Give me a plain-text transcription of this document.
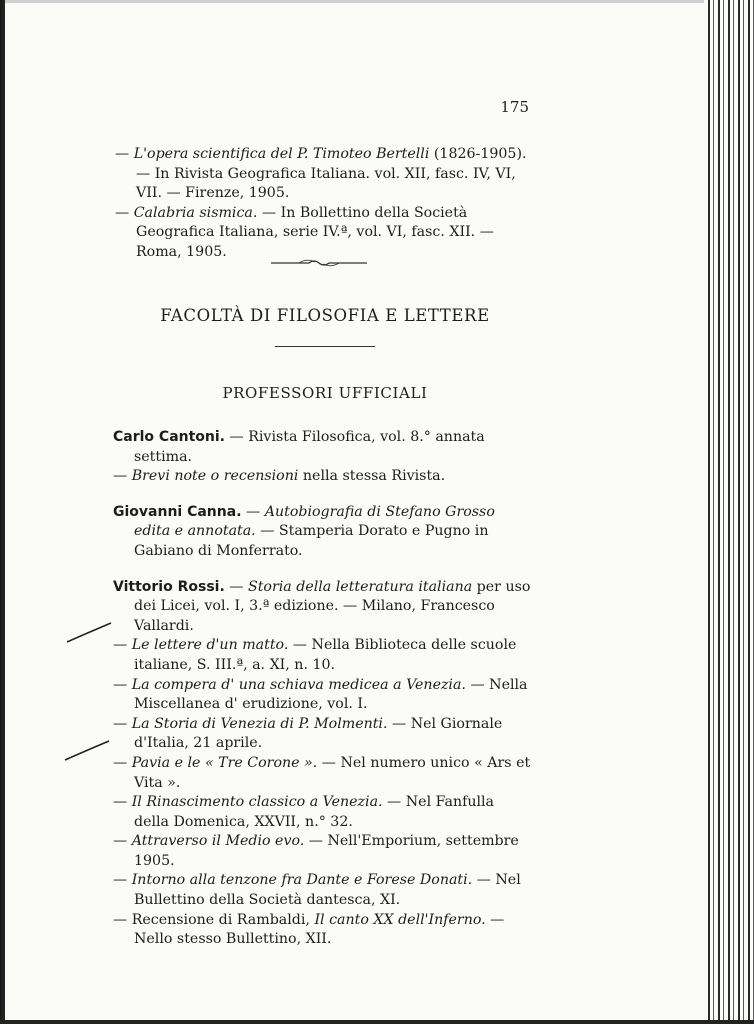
175

— L'opera scientifica del P. Timoteo Bertelli (1826-1905). — In Rivista Geografica Italiana. vol. XII, fasc. IV, VI, VII. — Firenze, 1905.

— Calabria sismica. — In Bollettino della Società Geografica Italiana, serie IV.ª, vol. VI, fasc. XII. — Roma, 1905.

FACOLTÀ DI FILOSOFIA E LETTERE
PROFESSORI UFFICIALI

Carlo Cantoni. — Rivista Filosofica, vol. 8.° annata settima.

— Brevi note o recensioni nella stessa Rivista.

Giovanni Canna. — Autobiografia di Stefano Grosso edita e annotata. — Stamperia Dorato e Pugno in Gabiano di Monferrato.

Vittorio Rossi. — Storia della letteratura italiana per uso dei Licei, vol. I, 3.ª edizione. — Milano, Francesco Vallardi.

— Le lettere d'un matto. — Nella Biblioteca delle scuole italiane, S. III.ª, a. XI, n. 10.

— La compera d' una schiava medicea a Venezia. — Nella Miscellanea d' erudizione, vol. I.

— La Storia di Venezia di P. Molmenti. — Nel Giornale d'Italia, 21 aprile.

— Pavia e le « Tre Corone ». — Nel numero unico « Ars et Vita ».

— Il Rinascimento classico a Venezia. — Nel Fanfulla della Domenica, XXVII, n.° 32.

— Attraverso il Medio evo. — Nell'Emporium, settembre 1905.

— Intorno alla tenzone fra Dante e Forese Donati. — Nel Bullettino della Società dantesca, XI.

— Recensione di Rambaldi, Il canto XX dell'Inferno. — Nello stesso Bullettino, XII.
